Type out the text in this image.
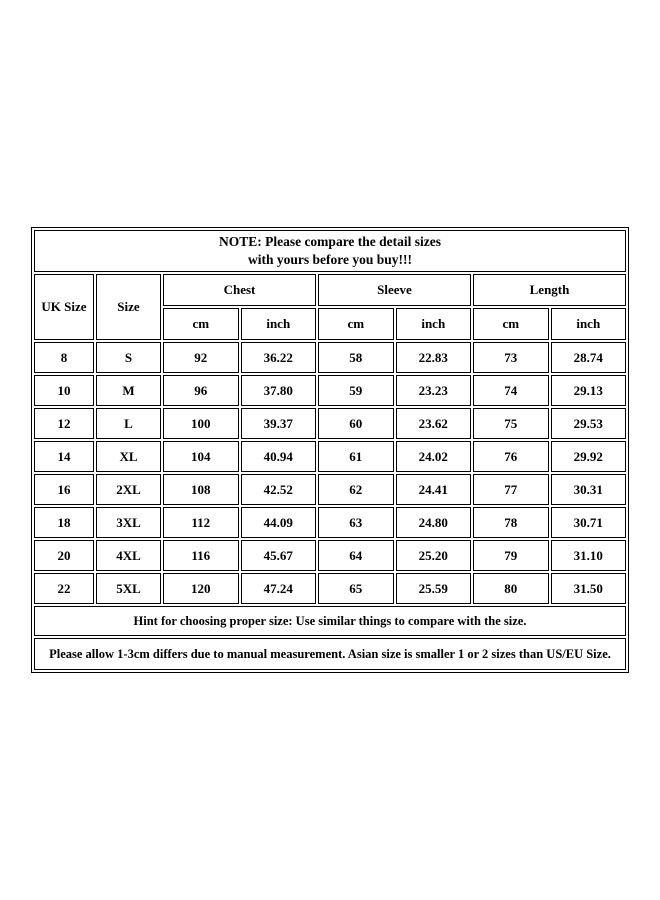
NOTE: Please compare the detail sizes
with yours before you buy!!!							

UK Size	Size	Chest		Sleeve		Length	
		cm	inch	cm	inch	cm	inch
8	S	92	36.22	58	22.83	73	28.74
10	M	96	37.80	59	23.23	74	29.13
12	L	100	39.37	60	23.62	75	29.53
14	XL	104	40.94	61	24.02	76	29.92
16	2XL	108	42.52	62	24.41	77	30.31
18	3XL	112	44.09	63	24.80	78	30.71
20	4XL	116	45.67	64	25.20	79	31.10
22	5XL	120	47.24	65	25.59	80	31.50
Hint for choosing proper size: Use similar things to compare with the size.							
Please allow 1-3cm differs due to manual measurement. Asian size is smaller 1 or 2 sizes than US/EU Size.							
